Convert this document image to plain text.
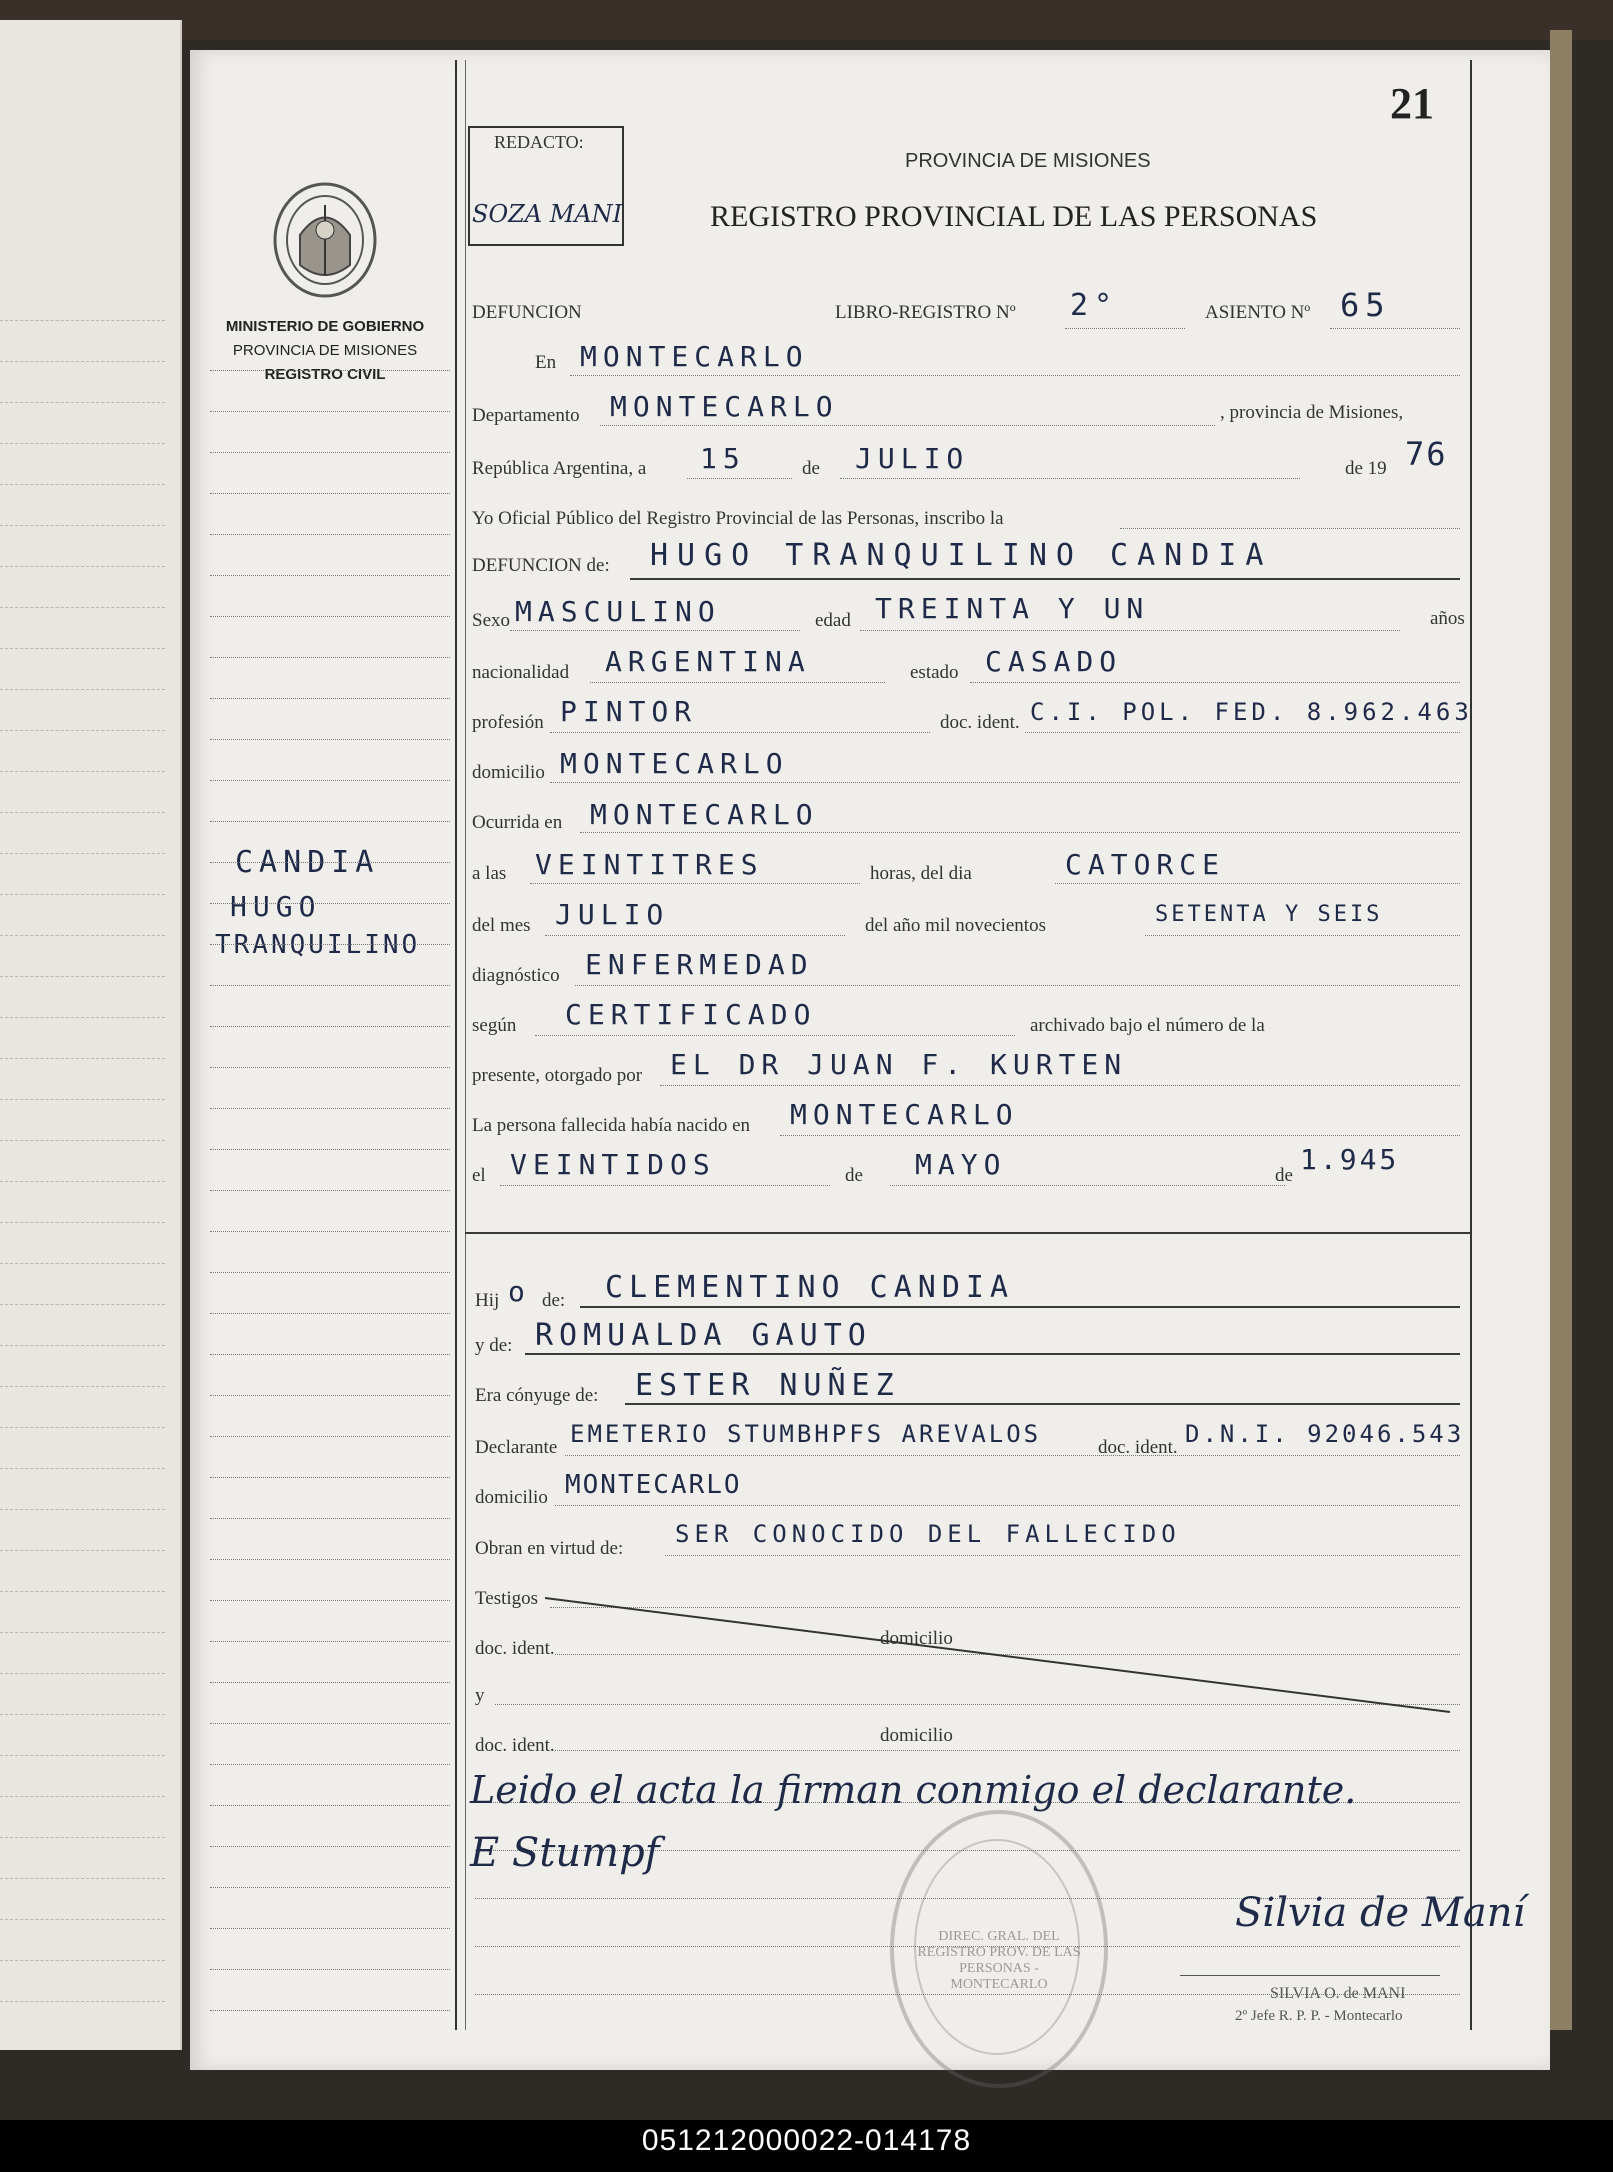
21
REDACTO:
SOZA MANI
PROVINCIA DE MISIONES
REGISTRO PROVINCIAL DE LAS PERSONAS
MINISTERIO DE GOBIERNO
PROVINCIA DE MISIONES
REGISTRO CIVIL
CANDIA
HUGO
TRANQUILINO
DEFUNCION	LIBRO-REGISTRO Nº 2°	ASIENTO Nº 65
En MONTECARLO
Departamento MONTECARLO	, provincia de Misiones,
República Argentina, a 15	de JULIO	de 19 76
Yo Oficial Público del Registro Provincial de las Personas, inscribo la
DEFUNCION de: HUGO TRANQUILINO CANDIA
Sexo MASCULINO	edad TREINTA Y UN	años
nacionalidad ARGENTINA	estado CASADO
profesión PINTOR	doc. ident. C.I. POL. FED. 8.962.463
domicilio MONTECARLO
Ocurrida en MONTECARLO
a las VEINTITRES	horas, del dia	CATORCE
del mes JULIO	del año mil novecientos	SETENTA Y SEIS
diagnóstico ENFERMEDAD
según CERTIFICADO	archivado bajo el número de la
presente, otorgado por EL DR JUAN F. KURTEN
La persona fallecida había nacido en MONTECARLO
el VEINTIDOS	de MAYO	de 1.945
Hij o de: CLEMENTINO CANDIA
y de: ROMUALDA GAUTO
Era cónyuge de: ESTER NUÑEZ
Declarante EMETERIO STUMBHPFS AREVALOS	doc. ident. D.N.I. 92046.543
domicilio MONTECARLO
Obran en virtud de:
SER CONOCIDO DEL FALLECIDO
Testigos
doc. ident.	domicilio
y
doc. ident.	domicilio
Leido el acta la firman conmigo el declarante.
E Stumpf
DIREC. GRAL. DEL REGISTRO PROV. DE LAS PERSONAS - MONTECARLO
Silvia de Maní
SILVIA O. de MANI
2º Jefe R. P. P. - Montecarlo
051212000022-014178
